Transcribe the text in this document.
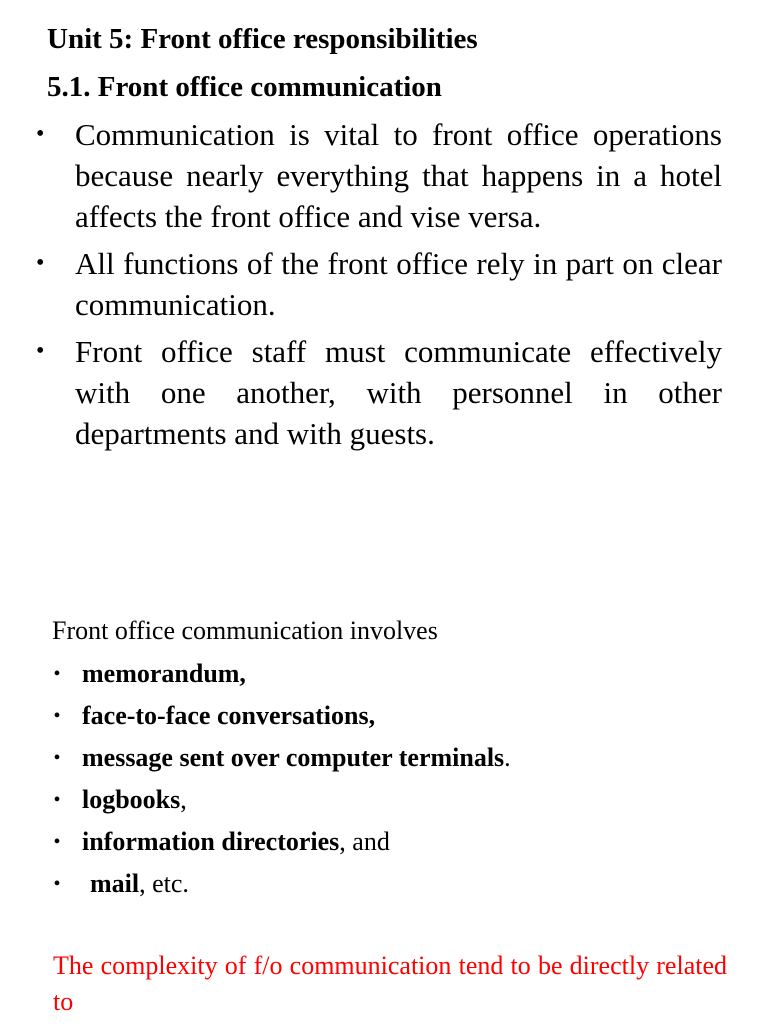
Unit 5: Front office responsibilities
5.1. Front office communication
• Communication is vital to front office operations because nearly everything that happens in a hotel affects the front office and vise versa.
• All functions of the front office rely in part on clear communication.
• Front office staff must communicate effectively with one another, with personnel in other departments and with guests.
Front office communication involves
• memorandum,
• face-to-face conversations,
• message sent over computer terminals.
• logbooks,
• information directories, and
• mail, etc.
The complexity of f/o communication tend to be directly related to
